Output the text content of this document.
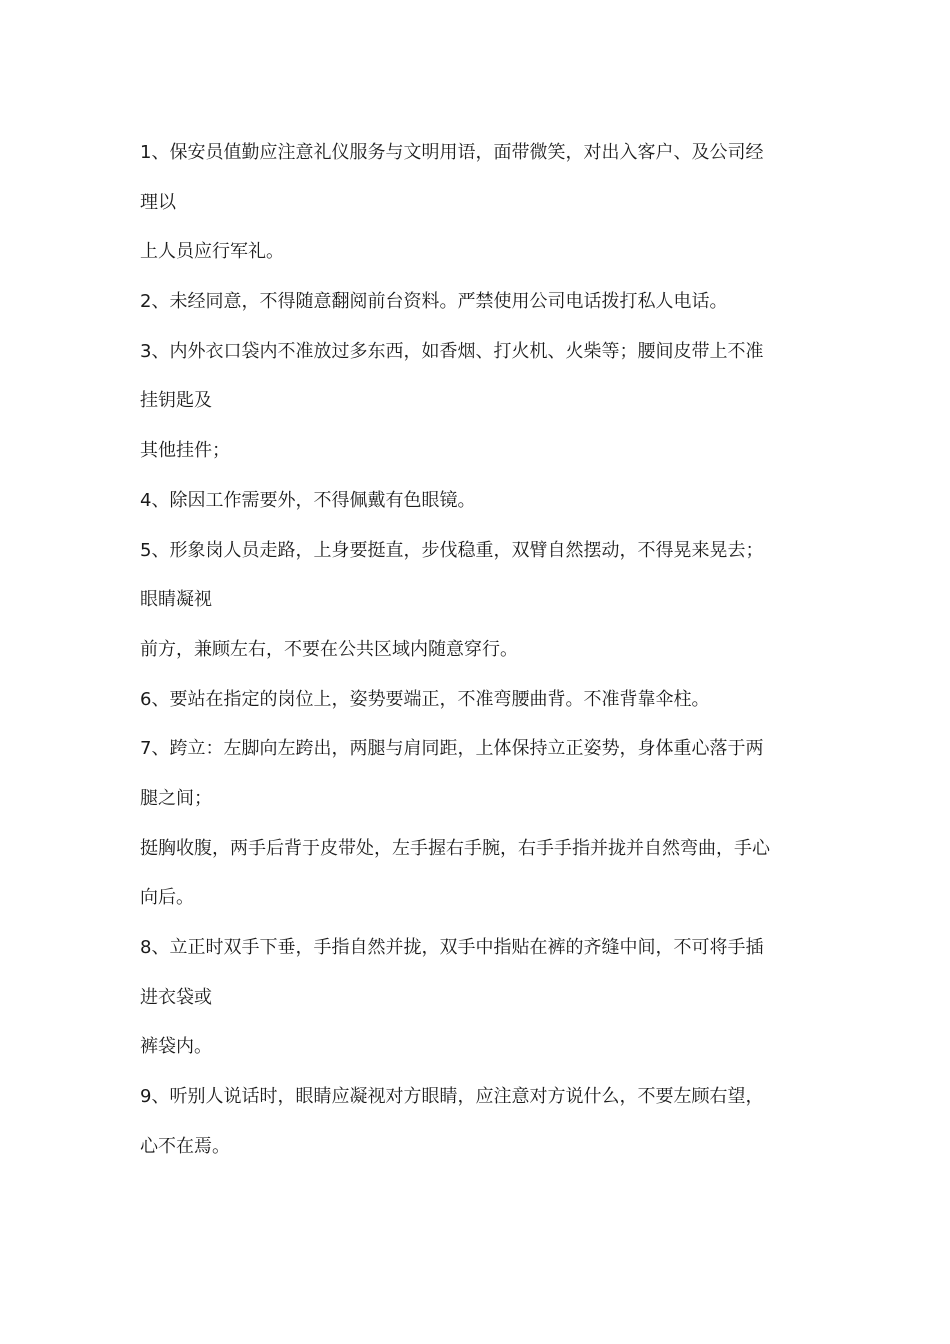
1、保安员值勤应注意礼仪服务与文明用语，面带微笑，对出入客户、及公司经
理以
上人员应行军礼。
2、未经同意，不得随意翻阅前台资料。严禁使用公司电话拨打私人电话。
3、内外衣口袋内不准放过多东西，如香烟、打火机、火柴等；腰间皮带上不准
挂钥匙及
其他挂件；
4、除因工作需要外，不得佩戴有色眼镜。
5、形象岗人员走路，上身要挺直，步伐稳重，双臂自然摆动，不得晃来晃去；
眼睛凝视
前方，兼顾左右，不要在公共区域内随意穿行。
6、要站在指定的岗位上，姿势要端正，不准弯腰曲背。不准背靠伞柱。
7、跨立：左脚向左跨出，两腿与肩同距，上体保持立正姿势，身体重心落于两
腿之间；
挺胸收腹，两手后背于皮带处，左手握右手腕，右手手指并拢并自然弯曲，手心
向后。
8、立正时双手下垂，手指自然并拢，双手中指贴在裤的齐缝中间，不可将手插
进衣袋或
裤袋内。
9、听别人说话时，眼睛应凝视对方眼睛，应注意对方说什么，不要左顾右望，
心不在焉。
